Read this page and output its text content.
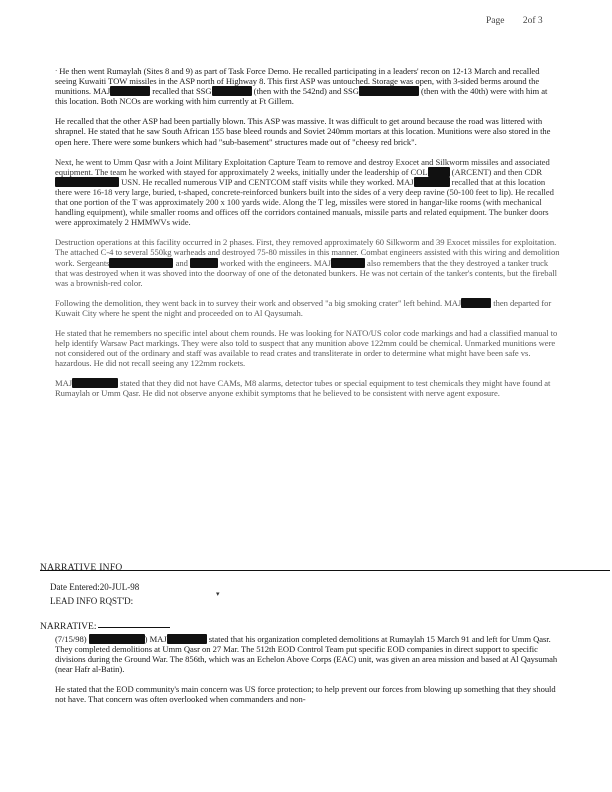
Page 2of 3

· He then went Rumaylah (Sites 8 and 9) as part of Task Force Demo. He recalled participating in a leaders' recon on 12-13 March and recalled seeing Kuwaiti TOW missiles in the ASP north of Highway 8. This first ASP was untouched. Storage was open, with 3-sided berms around the munitions. MAJ	recalled that SSG	(then with the 542nd) and SSG	(then with the 40th) were with him at this location. Both NCOs are working with him currently at Ft Gillem.

He recalled that the other ASP had been partially blown. This ASP was massive. It was difficult to get around because the road was littered with shrapnel. He stated that he saw South African 155 base bleed rounds and Soviet 240mm mortars at this location. Munitions were also stored in the open here. There were some bunkers which had "sub-basement" structures made out of "cheesy red brick".

Next, he went to Umm Qasr with a Joint Military Exploitation Capture Team to remove and destroy Exocet and Silkworm missiles and associated equipment. The team he worked with stayed for approximately 2 weeks, initially under the leadership of COL	(ARCENT) and then CDR USN. He recalled numerous VIP and CENTCOM staff visits while they worked. MAJ	recalled that at this location there were 16-18 very large, buried, t-shaped, concrete-reinforced bunkers built into the sides of a very deep ravine (50-100 feet to lip). He recalled that one portion of the T was approximately 200 x 100 yards wide. Along the T leg, missiles were stored in hangar-like rooms (with mechanical handling equipment), while smaller rooms and offices off the corridors contained manuals, missile parts and related equipment. The bunker doors were approximately 2 HMMWVs wide.

Destruction operations at this facility occurred in 2 phases. First, they removed approximately 60 Silkworm and 39 Exocet missiles for exploitation. The attached C-4 to several 550kg warheads and destroyed 75-80 missiles in this manner. Combat engineers assisted with this wiring and demolition work. Sergeants	and	worked with the engineers. MAJ	also remembers that the they destroyed a tanker truck that was destroyed when it was shoved into the doorway of one of the detonated bunkers. He was not certain of the tanker's contents, but the fireball was a brownish-red color.

Following the demolition, they went back in to survey their work and observed "a big smoking crater" left behind. MAJ	then departed for Kuwait City where he spent the night and proceeded on to Al Qaysumah.

He stated that he remembers no specific intel about chem rounds. He was looking for NATO/US color code markings and had a classified manual to help identify Warsaw Pact markings. They were also told to suspect that any munition above 122mm could be chemical. Unmarked munitions were not considered out of the ordinary and staff was available to read crates and transliterate in order to determine what might have been safe vs. hazardous. He did not recall seeing any 122mm rockets.

MAJ	stated that they did not have CAMs, M8 alarms, detector tubes or special equipment to test chemicals they might have found at Rumaylah or Umm Qasr. He did not observe anyone exhibit symptoms that he believed to be consistent with nerve agent exposure.

NARRATIVE INFO
Date Entered:20-JUL-98
▾
LEAD INFO RQST'D:
NARRATIVE:

(7/15/98)	) MAJ	stated that his organization completed demolitions at Rumaylah 15 March 91 and left for Umm Qasr. They completed demolitions at Umm Qasr on 27 Mar. The 512th EOD Control Team put specific EOD companies in direct support to specific divisions during the Ground War. The 856th, which was an Echelon Above Corps (EAC) unit, was given an area mission and based at Al Qaysumah (near Hafr al-Batin).

He stated that the EOD community's main concern was US force protection; to help prevent our forces from blowing up something that they should not have. That concern was often overlooked when commanders and non-
